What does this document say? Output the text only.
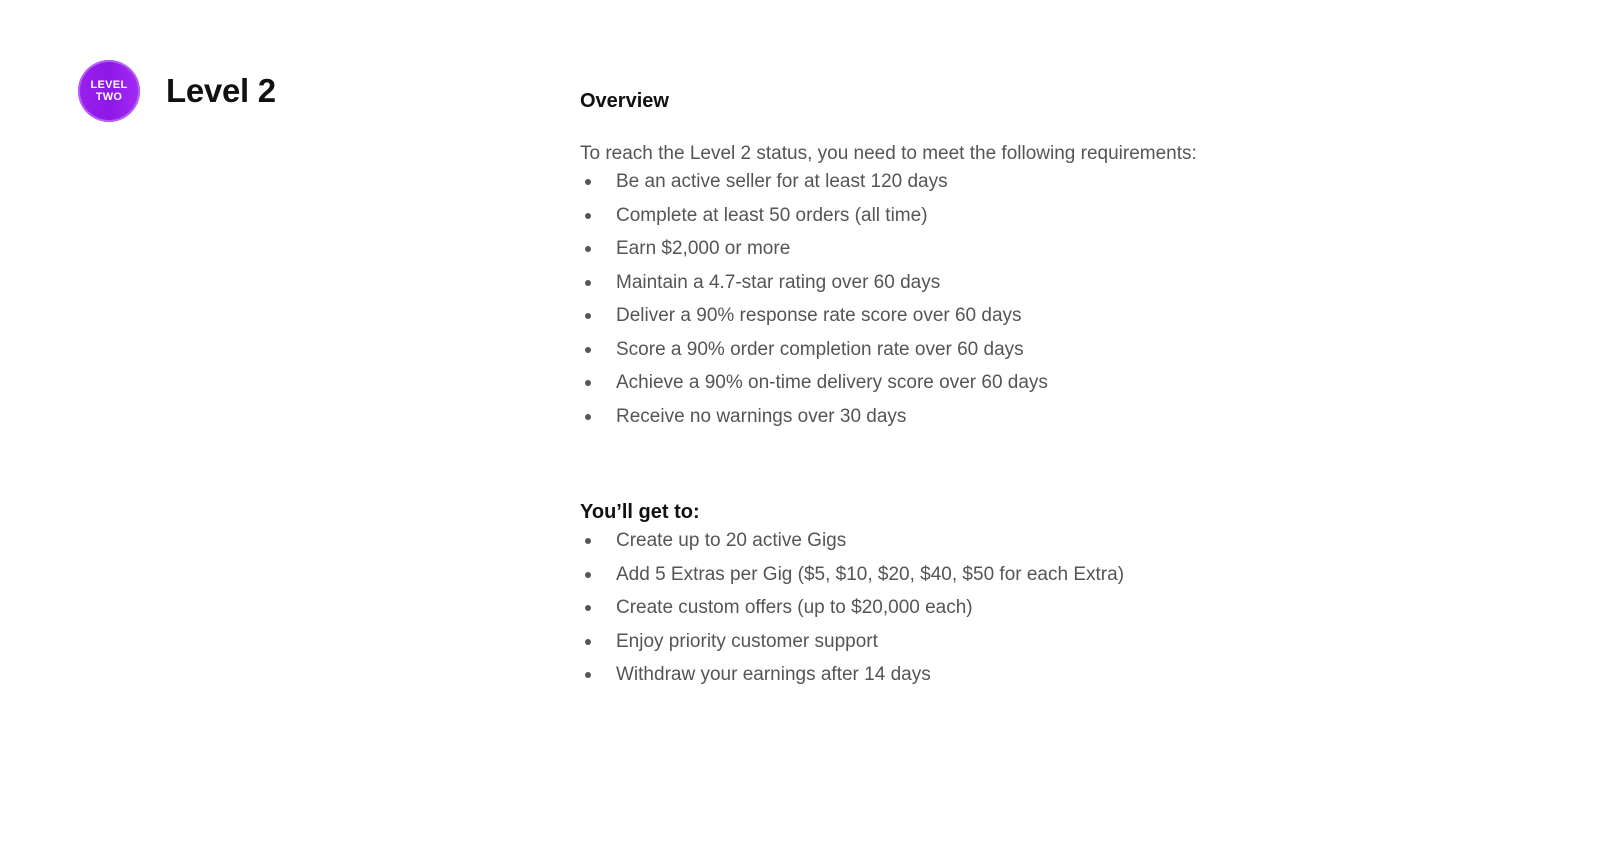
LEVEL
TWO Level 2	Overview

To reach the Level 2 status, you need to meet the following requirements:

Be an active seller for at least 120 days
Complete at least 50 orders (all time)
Earn $2,000 or more
Maintain a 4.7-star rating over 60 days
Deliver a 90% response rate score over 60 days
Score a 90% order completion rate over 60 days
Achieve a 90% on-time delivery score over 60 days
Receive no warnings over 30 days
You’ll get to:
Create up to 20 active Gigs
Add 5 Extras per Gig ($5, $10, $20, $40, $50 for each Extra)
Create custom offers (up to $20,000 each)
Enjoy priority customer support
Withdraw your earnings after 14 days
